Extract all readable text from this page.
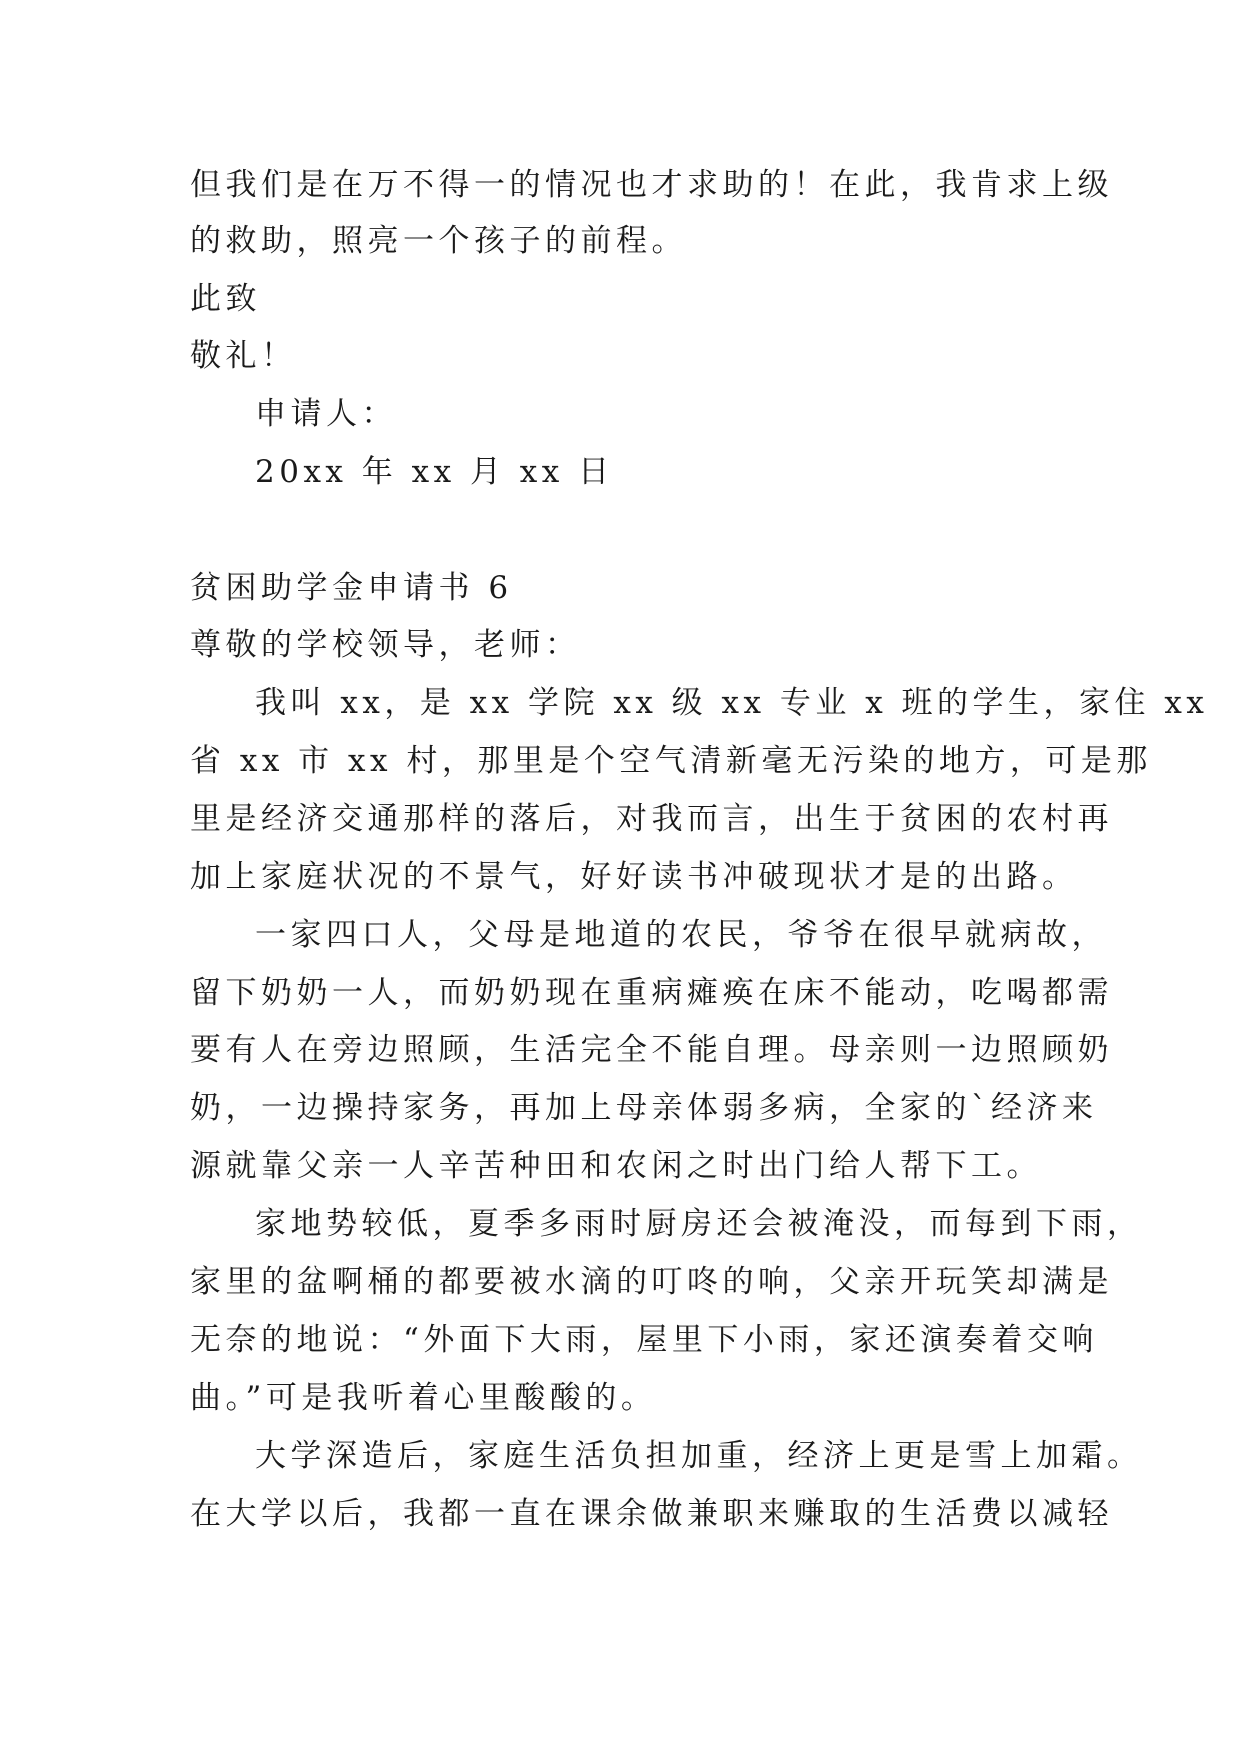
但我们是在万不得一的情况也才求助的！在此，我肯求上级
的救助，照亮一个孩子的前程。
此致
敬礼！
申请人：
20xx 年 xx 月 xx 日
贫困助学金申请书 6
尊敬的学校领导，老师：
我叫 xx，是 xx 学院 xx 级 xx 专业 x 班的学生，家住 xx
省 xx 市 xx 村，那里是个空气清新毫无污染的地方，可是那
里是经济交通那样的落后，对我而言，出生于贫困的农村再
加上家庭状况的不景气，好好读书冲破现状才是的出路。
一家四口人，父母是地道的农民，爷爷在很早就病故，
留下奶奶一人，而奶奶现在重病瘫痪在床不能动，吃喝都需
要有人在旁边照顾，生活完全不能自理。母亲则一边照顾奶
奶，一边操持家务，再加上母亲体弱多病，全家的`经济来
源就靠父亲一人辛苦种田和农闲之时出门给人帮下工。
家地势较低，夏季多雨时厨房还会被淹没，而每到下雨，
家里的盆啊桶的都要被水滴的叮咚的响，父亲开玩笑却满是
无奈的地说：“外面下大雨，屋里下小雨，家还演奏着交响
曲。”可是我听着心里酸酸的。
大学深造后，家庭生活负担加重，经济上更是雪上加霜。
在大学以后，我都一直在课余做兼职来赚取的生活费以减轻
